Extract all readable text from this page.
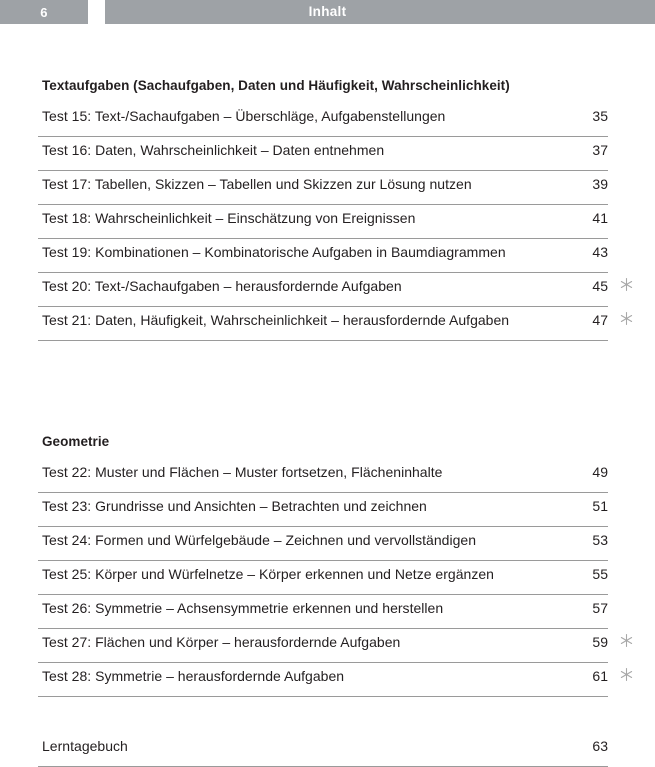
6	Inhalt
Textaufgaben (Sachaufgaben, Daten und Häufigkeit, Wahrscheinlichkeit)
Test 15: Text-/Sachaufgaben – Überschläge, Aufgabenstellungen	35
Test 16: Daten, Wahrscheinlichkeit – Daten entnehmen	37
Test 17: Tabellen, Skizzen – Tabellen und Skizzen zur Lösung nutzen	39
Test 18: Wahrscheinlichkeit – Einschätzung von Ereignissen	41
Test 19: Kombinationen – Kombinatorische Aufgaben in Baumdiagrammen	43
Test 20: Text-/Sachaufgaben – herausfordernde Aufgaben	45
Test 21: Daten, Häufigkeit, Wahrscheinlichkeit – herausfordernde Aufgaben	47
Geometrie
Test 22: Muster und Flächen – Muster fortsetzen, Flächeninhalte	49
Test 23: Grundrisse und Ansichten – Betrachten und zeichnen	51
Test 24: Formen und Würfelgebäude – Zeichnen und vervollständigen	53
Test 25: Körper und Würfelnetze – Körper erkennen und Netze ergänzen	55
Test 26: Symmetrie – Achsensymmetrie erkennen und herstellen	57
Test 27: Flächen und Körper – herausfordernde Aufgaben	59
Test 28: Symmetrie – herausfordernde Aufgaben	61
Lerntagebuch	63
